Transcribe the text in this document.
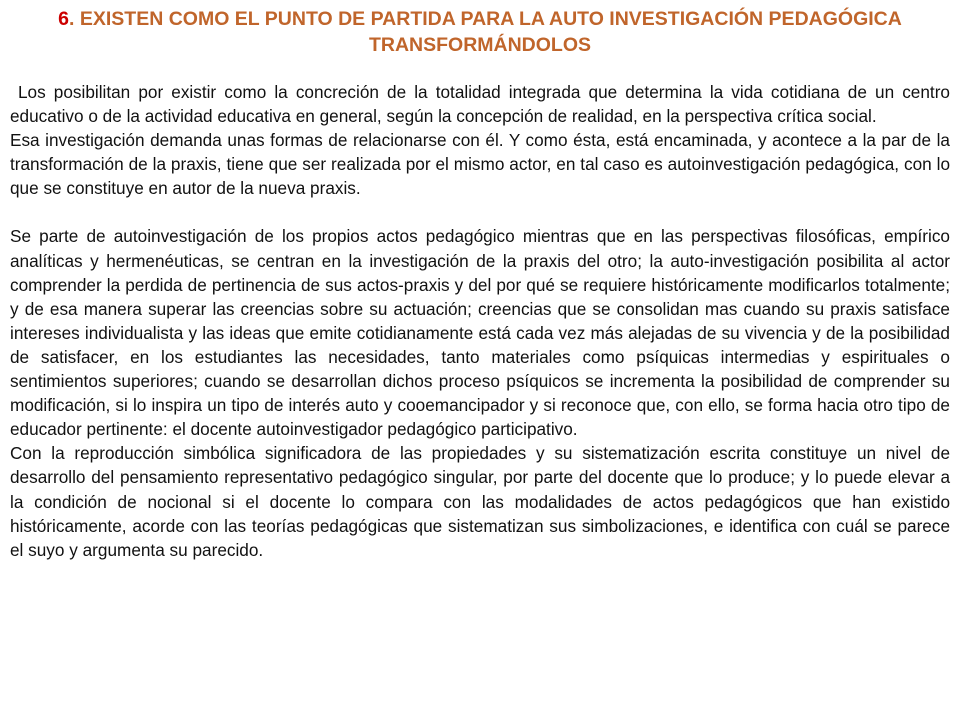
6. EXISTEN COMO EL PUNTO DE PARTIDA PARA LA AUTO INVESTIGACIÓN PEDAGÓGICA TRANSFORMÁNDOLOS

Los posibilitan por existir como la concreción de la totalidad integrada que determina la vida cotidiana de un centro educativo o de la actividad educativa en general, según la concepción de realidad, en la perspectiva crítica social.

Esa investigación demanda unas formas de relacionarse con él. Y como ésta, está encaminada, y acontece a la par de la transformación de la praxis, tiene que ser realizada por el mismo actor, en tal caso es autoinvestigación pedagógica, con lo que se constituye en autor de la nueva praxis.

Se parte de autoinvestigación de los propios actos pedagógico mientras que en las perspectivas filosóficas, empírico analíticas y hermenéuticas, se centran en la investigación de la praxis del otro; la auto-investigación posibilita al actor comprender la perdida de pertinencia de sus actos-praxis y del por qué se requiere históricamente modificarlos totalmente; y de esa manera superar las creencias sobre su actuación; creencias que se consolidan mas cuando su praxis satisface intereses individualista y las ideas que emite cotidianamente está cada vez más alejadas de su vivencia y de la posibilidad de satisfacer, en los estudiantes las necesidades, tanto materiales como psíquicas intermedias y espirituales o sentimientos superiores; cuando se desarrollan dichos proceso psíquicos se incrementa la posibilidad de comprender su modificación, si lo inspira un tipo de interés auto y cooemancipador y si reconoce que, con ello, se forma hacia otro tipo de educador pertinente: el docente autoinvestigador pedagógico participativo.

Con la reproducción simbólica significadora de las propiedades y su sistematización escrita constituye un nivel de desarrollo del pensamiento representativo pedagógico singular, por parte del docente que lo produce; y lo puede elevar a la condición de nocional si el docente lo compara con las modalidades de actos pedagógicos que han existido históricamente, acorde con las teorías pedagógicas que sistematizan sus simbolizaciones, e identifica con cuál se parece el suyo y argumenta su parecido.
